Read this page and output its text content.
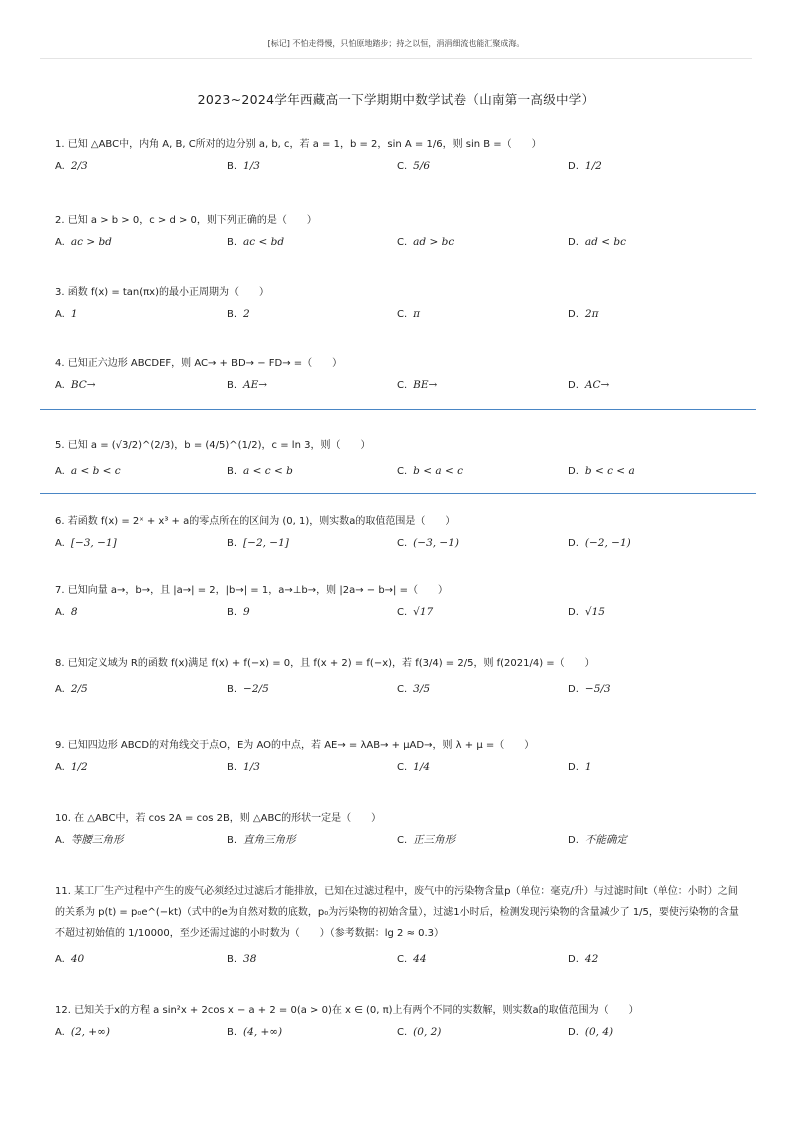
[标记] 不怕走得慢，只怕原地踏步；持之以恒，涓涓细流也能汇聚成海。
2023~2024学年西藏高一下学期期中数学试卷（山南第一高级中学）
1. 已知 △ABC中，内角 A, B, C所对的边分别 a, b, c，若 a = 1，b = 2，sin A = 1/6，则 sin B =（　　）
A. 2/3	B. 1/3	C. 5/6	D. 1/2
2. 已知 a > b > 0，c > d > 0，则下列正确的是（　　）
A. ac > bd	B. ac < bd	C. ad > bc	D. ad < bc
3. 函数 f(x) = tan(πx)的最小正周期为（　　）
A. 1	B. 2	C. π	D. 2π
4. 已知正六边形 ABCDEF，则 AC→ + BD→ − FD→ =（　　）
A. BC→	B. AE→	C. BE→	D. AC→
5. 已知 a = (√3/2)^(2/3)，b = (4/5)^(1/2)，c = ln 3，则（　　）
A. a < b < c	B. a < c < b	C. b < a < c	D. b < c < a
6. 若函数 f(x) = 2ˣ + x³ + a的零点所在的区间为 (0, 1)，则实数a的取值范围是（　　）
A. [−3, −1]	B. [−2, −1]	C. (−3, −1)	D. (−2, −1)
7. 已知向量 a→，b→，且 |a→| = 2，|b→| = 1，a→⊥b→，则 |2a→ − b→| =（　　）
A. 8	B. 9	C. √17	D. √15
8. 已知定义域为 R的函数 f(x)满足 f(x) + f(−x) = 0，且 f(x + 2) = f(−x)，若 f(3/4) = 2/5，则 f(2021/4) =（　　）
A. 2/5	B. −2/5	C. 3/5	D. −5/3
9. 已知四边形 ABCD的对角线交于点O，E为 AO的中点，若 AE→ = λAB→ + μAD→，则 λ + μ =（　　）
A. 1/2	B. 1/3	C. 1/4	D. 1
10. 在 △ABC中，若 cos 2A = cos 2B，则 △ABC的形状一定是（　　）
A. 等腰三角形	B. 直角三角形	C. 正三角形	D. 不能确定
11. 某工厂生产过程中产生的废气必须经过过滤后才能排放，已知在过滤过程中，废气中的污染物含量p（单位：毫克/升）与过滤时间t（单位：小时）之间的关系为 p(t) = p₀e^(−kt)（式中的e为自然对数的底数，p₀为污染物的初始含量），过滤1小时后，检测发现污染物的含量减少了 1/5，要使污染物的含量不超过初始值的 1/10000，至少还需过滤的小时数为（　　）（参考数据：lg 2 ≈ 0.3）
A. 40	B. 38	C. 44	D. 42
12. 已知关于x的方程 a sin²x + 2cos x − a + 2 = 0(a > 0)在 x ∈ (0, π)上有两个不同的实数解，则实数a的取值范围为（　　）
A. (2, +∞)	B. (4, +∞)	C. (0, 2)	D. (0, 4)
